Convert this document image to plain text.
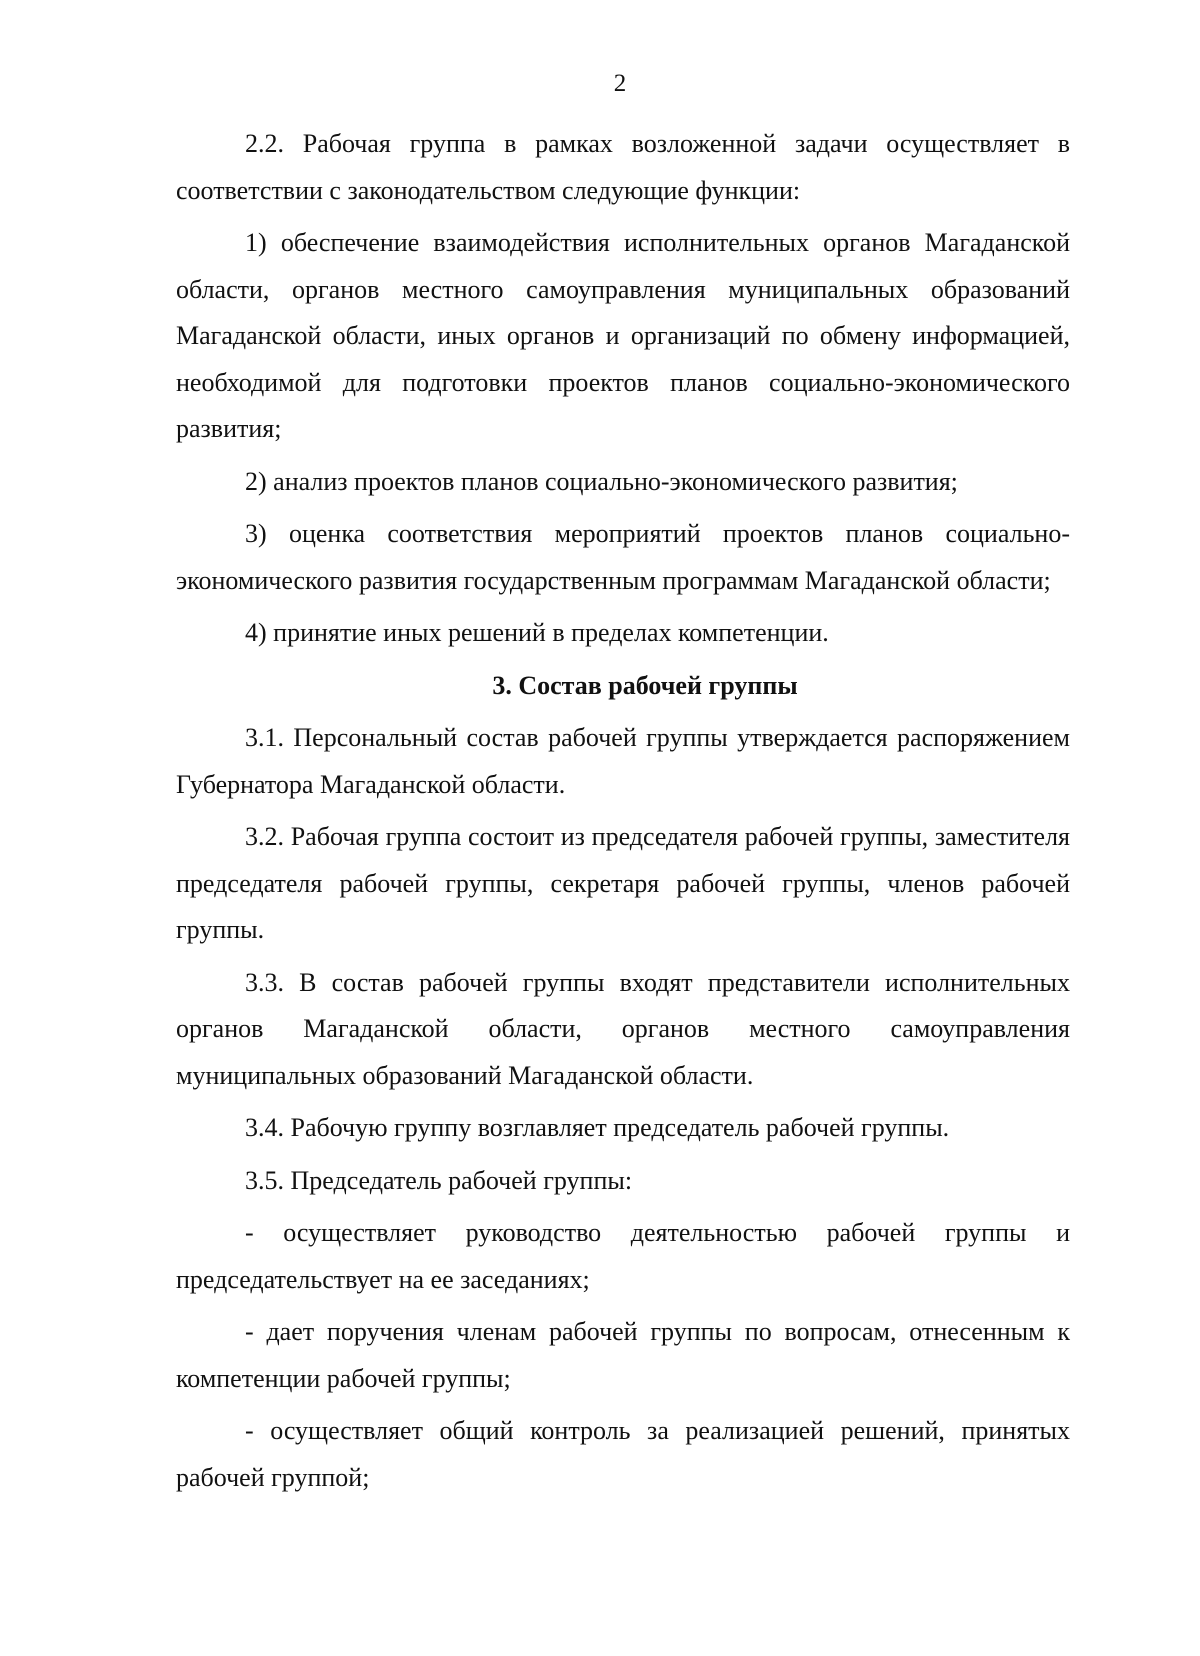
2

2.2. Рабочая группа в рамках возложенной задачи осуществляет в соответствии с законодательством следующие функции:

1) обеспечение взаимодействия исполнительных органов Магаданской области, органов местного самоуправления муниципальных образований Магаданской области, иных органов и организаций по обмену информацией, необходимой для подготовки проектов планов социально-экономического развития;

2) анализ проектов планов социально-экономического развития;

3) оценка соответствия мероприятий проектов планов социально-экономического развития государственным программам Магаданской области;

4) принятие иных решений в пределах компетенции.

3. Состав рабочей группы

3.1. Персональный состав рабочей группы утверждается распоряжением Губернатора Магаданской области.

3.2. Рабочая группа состоит из председателя рабочей группы, заместителя председателя рабочей группы, секретаря рабочей группы, членов рабочей группы.

3.3. В состав рабочей группы входят представители исполнительных органов Магаданской области, органов местного самоуправления муниципальных образований Магаданской области.

3.4. Рабочую группу возглавляет председатель рабочей группы.

3.5. Председатель рабочей группы:

- осуществляет руководство деятельностью рабочей группы и председательствует на ее заседаниях;

- дает поручения членам рабочей группы по вопросам, отнесенным к компетенции рабочей группы;

- осуществляет общий контроль за реализацией решений, принятых рабочей группой;
